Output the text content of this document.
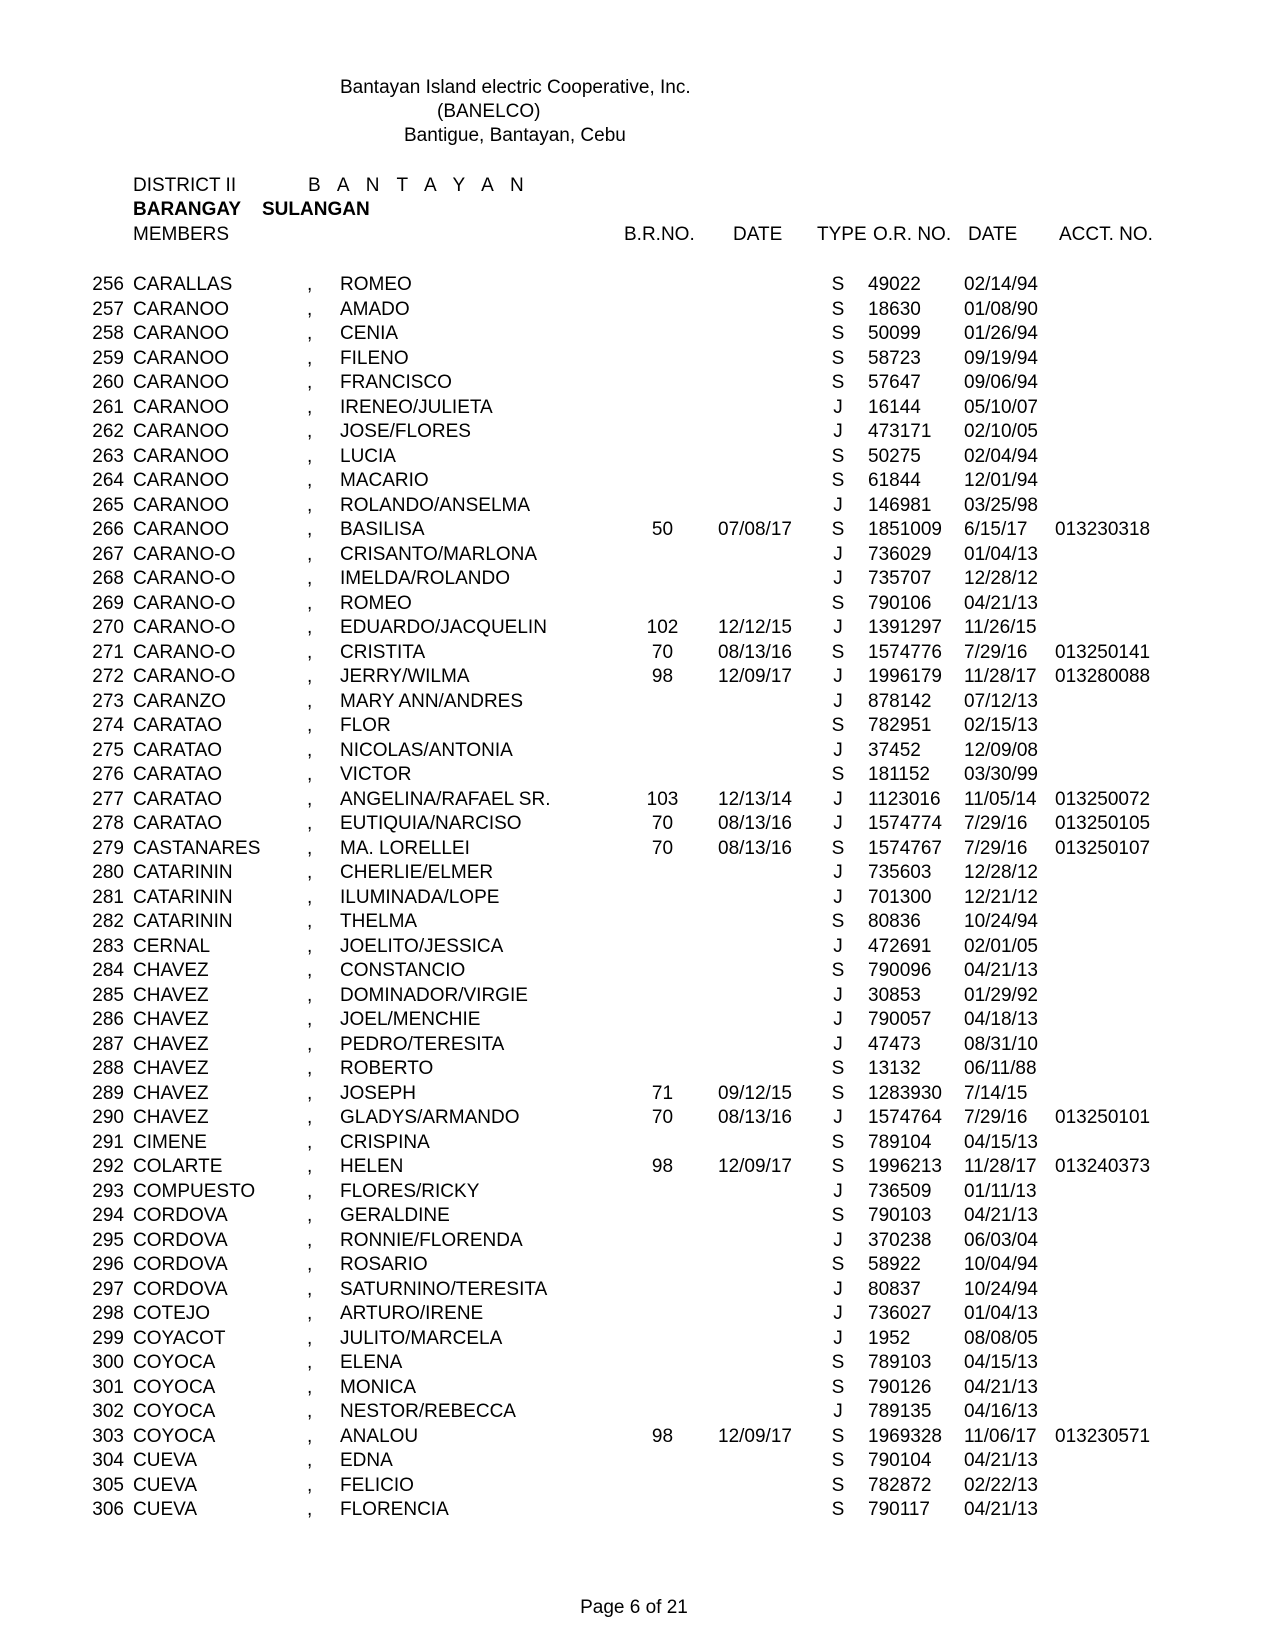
Bantayan Island electric Cooperative, Inc.
(BANELCO)
Bantigue, Bantayan, Cebu
DISTRICT II	B A N T A Y A N
BARANGAY SULANGAN
MEMBERS	B.R.NO. DATE TYPE O.R. NO. DATE ACCT. NO.
256 CARALLAS	, ROMEO	S 49022	02/14/94
257 CARANOO	, AMADO	S 18630	01/08/90
258 CARANOO	, CENIA	S 50099	01/26/94
259 CARANOO	, FILENO	S 58723	09/19/94
260 CARANOO	, FRANCISCO	S 57647	09/06/94
261 CARANOO	, IRENEO/JULIETA	J 16144	05/10/07
262 CARANOO	, JOSE/FLORES	J 473171	02/10/05
263 CARANOO	, LUCIA	S 50275	02/04/94
264 CARANOO	, MACARIO	S 61844	12/01/94
265 CARANOO	, ROLANDO/ANSELMA	J 146981	03/25/98
266 CARANOO	, BASILISA	50	07/08/17 S 1851009	6/15/17	013230318
267 CARANO-O	, CRISANTO/MARLONA	J 736029	01/04/13
268 CARANO-O	, IMELDA/ROLANDO	J 735707	12/28/12
269 CARANO-O	, ROMEO	S 790106	04/21/13
270 CARANO-O	, EDUARDO/JACQUELIN	102	12/12/15 J 1391297	11/26/15
271 CARANO-O	, CRISTITA	70	08/13/16 S 1574776	7/29/16	013250141
272 CARANO-O	, JERRY/WILMA	98	12/09/17 J 1996179	11/28/17 013280088
273 CARANZO	, MARY ANN/ANDRES	J 878142	07/12/13
274 CARATAO	, FLOR	S 782951	02/15/13
275 CARATAO	, NICOLAS/ANTONIA	J 37452	12/09/08
276 CARATAO	, VICTOR	S 181152	03/30/99
277 CARATAO	, ANGELINA/RAFAEL SR.	103	12/13/14 J 1123016	11/05/14 013250072
278 CARATAO	, EUTIQUIA/NARCISO	70	08/13/16 J 1574774	7/29/16	013250105
279 CASTANARES , MA. LORELLEI	70	08/13/16 S 1574767	7/29/16	013250107
280 CATARININ	, CHERLIE/ELMER	J 735603	12/28/12
281 CATARININ	, ILUMINADA/LOPE	J 701300	12/21/12
282 CATARININ	, THELMA	S 80836	10/24/94
283 CERNAL	, JOELITO/JESSICA	J 472691	02/01/05
284 CHAVEZ	, CONSTANCIO	S 790096	04/21/13
285 CHAVEZ	, DOMINADOR/VIRGIE	J 30853	01/29/92
286 CHAVEZ	, JOEL/MENCHIE	J 790057	04/18/13
287 CHAVEZ	, PEDRO/TERESITA	J 47473	08/31/10
288 CHAVEZ	, ROBERTO	S 13132	06/11/88
289 CHAVEZ	, JOSEPH	71	09/12/15 S 1283930	7/14/15
290 CHAVEZ	, GLADYS/ARMANDO	70	08/13/16 J 1574764	7/29/16	013250101
291 CIMENE	, CRISPINA	S 789104	04/15/13
292 COLARTE	, HELEN	98	12/09/17 S 1996213	11/28/17 013240373
293 COMPUESTO	, FLORES/RICKY	J 736509	01/11/13
294 CORDOVA	, GERALDINE	S 790103	04/21/13
295 CORDOVA	, RONNIE/FLORENDA	J 370238	06/03/04
296 CORDOVA	, ROSARIO	S 58922	10/04/94
297 CORDOVA	, SATURNINO/TERESITA	J 80837	10/24/94
298 COTEJO	, ARTURO/IRENE	J 736027	01/04/13
299 COYACOT	, JULITO/MARCELA	J 1952	08/08/05
300 COYOCA	, ELENA	S 789103	04/15/13
301 COYOCA	, MONICA	S 790126	04/21/13
302 COYOCA	, NESTOR/REBECCA	J 789135	04/16/13
303 COYOCA	, ANALOU	98	12/09/17 S 1969328	11/06/17 013230571
304 CUEVA	, EDNA	S 790104	04/21/13
305 CUEVA	, FELICIO	S 782872	02/22/13
306 CUEVA	, FLORENCIA	S 790117	04/21/13
Page 6 of 21
